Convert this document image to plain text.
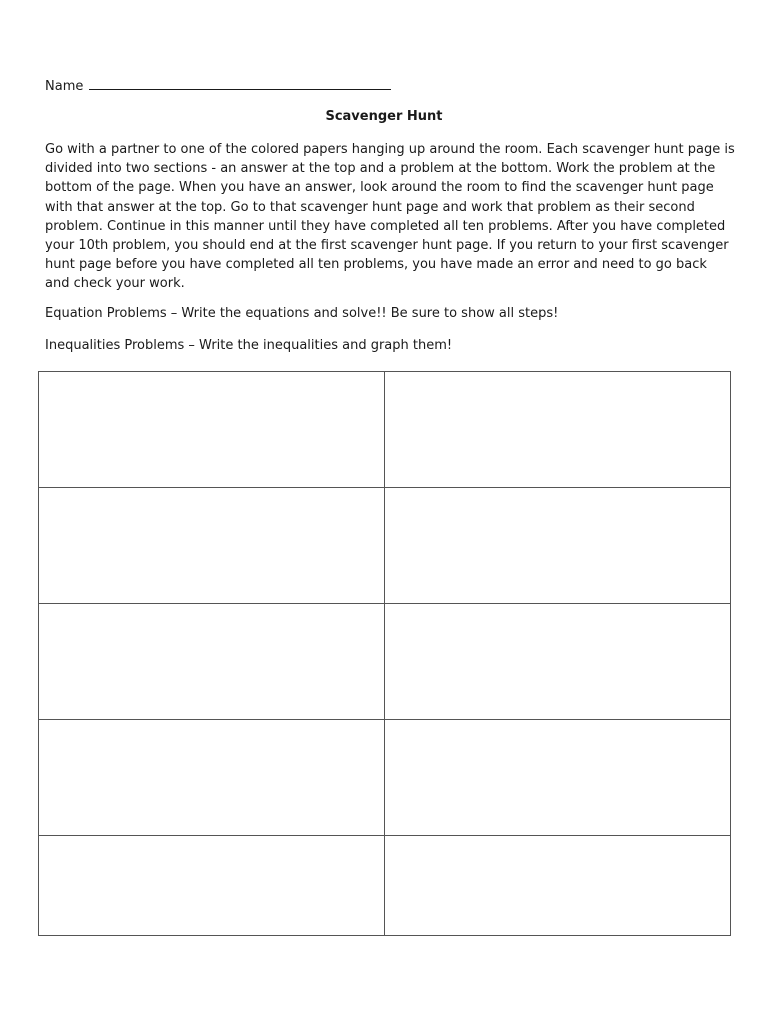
Name
Scavenger Hunt

Go with a partner to one of the colored papers hanging up around the room. Each scavenger hunt page is divided into two sections - an answer at the top and a problem at the bottom. Work the problem at the bottom of the page. When you have an answer, look around the room to find the scavenger hunt page with that answer at the top. Go to that scavenger hunt page and work that problem as their second problem. Continue in this manner until they have completed all ten problems. After you have completed your 10th problem, you should end at the first scavenger hunt page. If you return to your first scavenger hunt page before you have completed all ten problems, you have made an error and need to go back and check your work.

Equation Problems – Write the equations and solve!! Be sure to show all steps!
Inequalities Problems – Write the inequalities and graph them!
